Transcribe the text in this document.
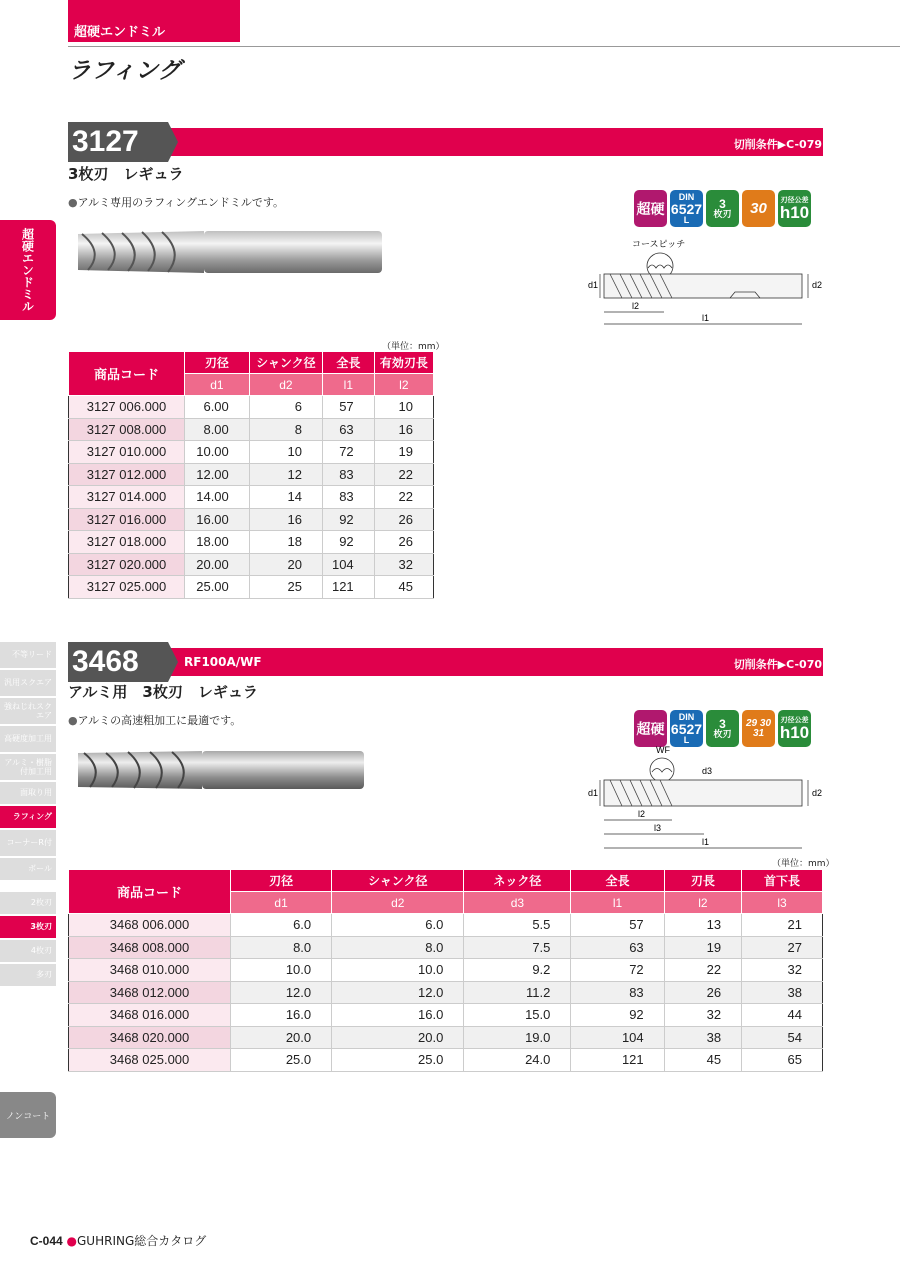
超硬エンドミル
ラフィング
超硬エンドミル
不等リード
汎用スクエア
強ねじれスクエア
高硬度加工用
アルミ・樹脂付加工用
面取り用
ラフィング
コーナーR付
ボール
2枚刃
3枚刃
4枚刃
多刃
ノンコート
3127	切削条件▶C-079
3枚刃　レギュラ
● アルミ専用のラフィングエンドミルです。	超硬
DIN
6527
L
3
枚刃	30	刃径公差
h10
コースピッチ
d1	d2
l2
l1
（単位：mm）
商品コード	刃径	シャンク径	全長	有効刃長
	d1	d2	l1	l2
3127 006.000	6.00	6	57	10
3127 008.000	8.00	8	63	16
3127 010.000	10.00	10	72	19
3127 012.000	12.00	12	83	22
3127 014.000	14.00	14	83	22
3127 016.000	16.00	16	92	26
3127 018.000	18.00	18	92	26
3127 020.000	20.00	20	104	32
3127 025.000	25.00	25	121	45
3468	RF100A/WF	切削条件▶C-070
アルミ用　3枚刃　レギュラ
● アルミの高速粗加工に最適です。	超硬
DIN
6527
L
3
枚刃
29 30 31
刃径公差
h10
WF
d3
d1	d2
l2
l3
l1
（単位：mm）
商品コード	刃径	シャンク径	ネック径	全長	刃長	首下長
	d1	d2	d3	l1	l2	l3
3468 006.000	6.0	6.0	5.5	57	13	21
3468 008.000	8.0	8.0	7.5	63	19	27
3468 010.000	10.0	10.0	9.2	72	22	32
3468 012.000	12.0	12.0	11.2	83	26	38
3468 016.000	16.0	16.0	15.0	92	32	44
3468 020.000	20.0	20.0	19.0	104	38	54
3468 025.000	25.0	25.0	24.0	121	45	65
C-044 ●GUHRING総合カタログ
